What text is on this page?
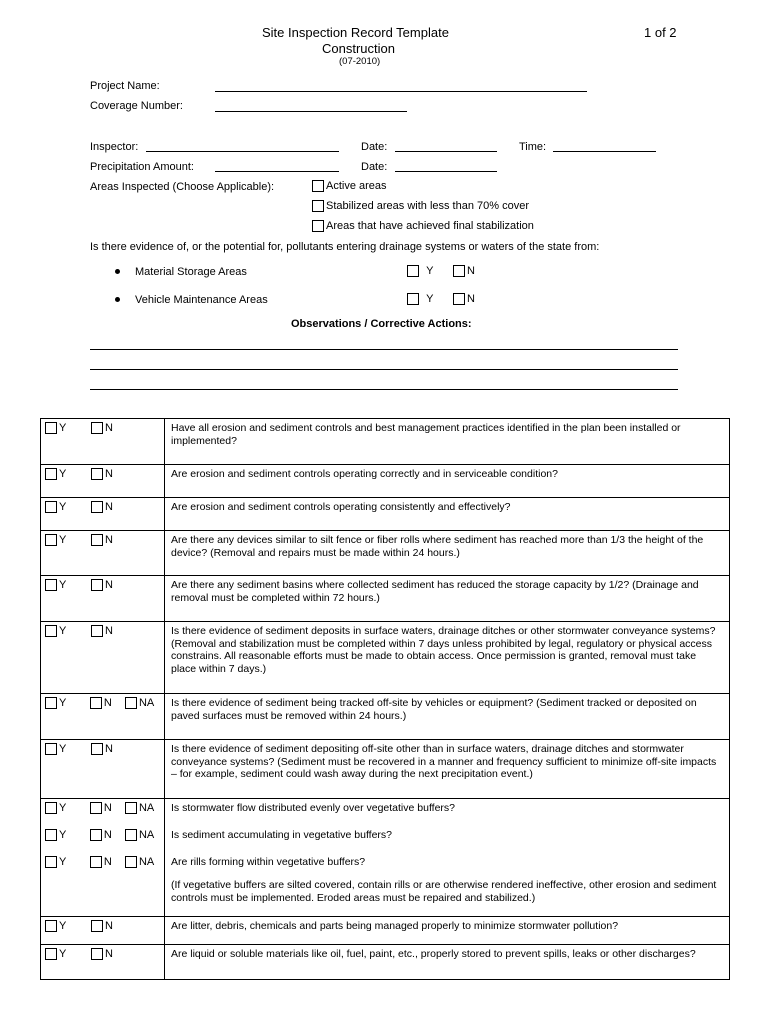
Site Inspection Record Template
Construction
(07-2010)
1 of 2
Project Name:
Coverage Number:
Inspector:	Date:	Time:
Precipitation Amount:	Date:
Areas Inspected (Choose Applicable):	Active areas
Stabilized areas with less than 70% cover
Areas that have achieved final stabilization
Is there evidence of, or the potential for, pollutants entering drainage systems or waters of the state from:
Material Storage Areas
	Y	N
Vehicle Maintenance Areas
	Y	N
Observations / Corrective Actions:
Y	N	Have all erosion and sediment controls and best management practices identified in the plan been installed or implemented?
Y	N	Are erosion and sediment controls operating correctly and in serviceable condition?
Y	N	Are erosion and sediment controls operating consistently and effectively?
Y	N	Are there any devices similar to silt fence or fiber rolls where sediment has reached more than 1/3 the height of the device? (Removal and repairs must be made within 24 hours.)
Y	N	Are there any sediment basins where collected sediment has reduced the storage capacity by 1/2? (Drainage and removal must be completed within 72 hours.)
Y	N	Is there evidence of sediment deposits in surface waters, drainage ditches or other stormwater conveyance systems? (Removal and stabilization must be completed within 7 days unless prohibited by legal, regulatory or physical access constrains. All reasonable efforts must be made to obtain access. Once permission is granted, removal must take place within 7 days.)
Y	N NA	Is there evidence of sediment being tracked off-site by vehicles or equipment? (Sediment tracked or deposited on paved surfaces must be removed within 24 hours.)
Y	N	Is there evidence of sediment depositing off-site other than in surface waters, drainage ditches and stormwater conveyance systems? (Sediment must be recovered in a manner and frequency sufficient to minimize off-site impacts – for example, sediment could wash away during the next precipitation event.)
Y	N NA	Is stormwater flow distributed evenly over vegetative buffers?
Y	N NA	Is sediment accumulating in vegetative buffers?
Y	N NA	Are rills forming within vegetative buffers?
(If vegetative buffers are silted covered, contain rills or are otherwise rendered ineffective, other erosion and sediment controls must be implemented. Eroded areas must be repaired and stabilized.)
Y	N	Are litter, debris, chemicals and parts being managed properly to minimize stormwater pollution?
Y	N	Are liquid or soluble materials like oil, fuel, paint, etc., properly stored to prevent spills, leaks or other discharges?
